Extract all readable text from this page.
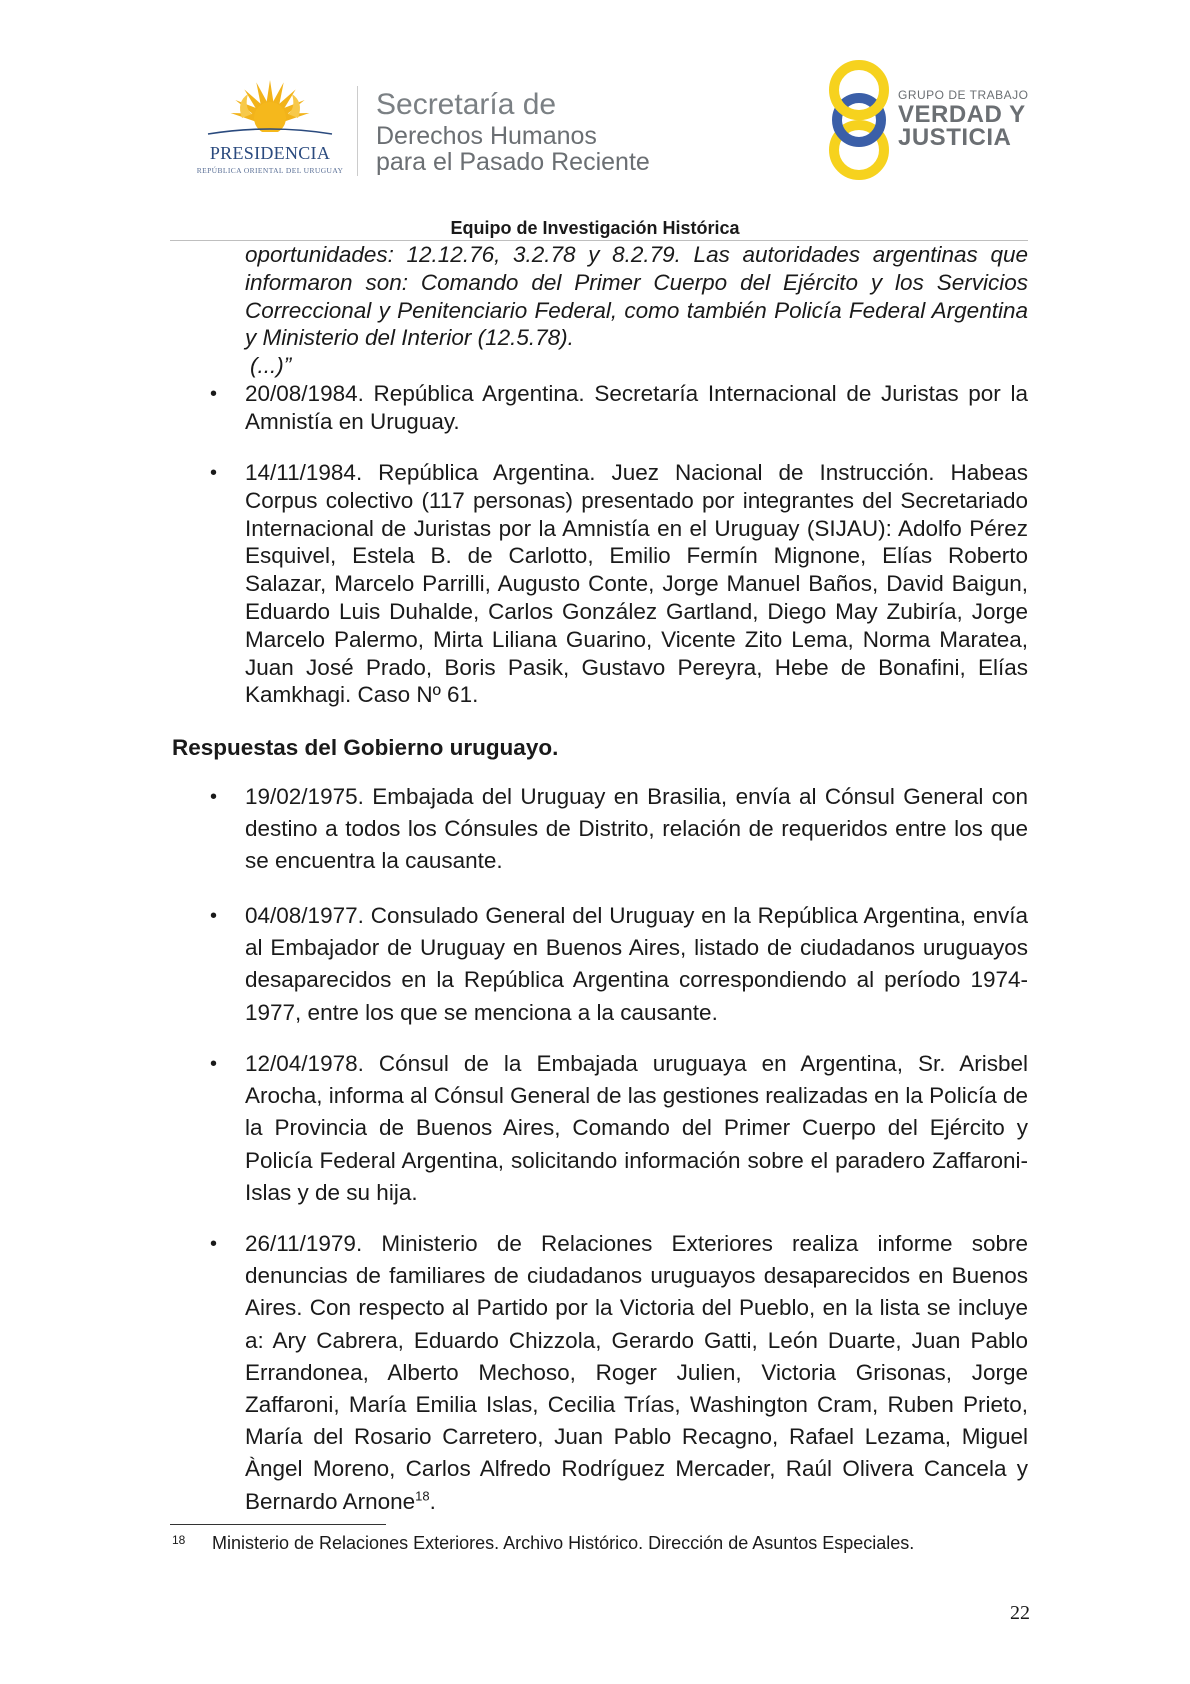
PRESIDENCIA
REPÚBLICA ORIENTAL DEL URUGUAY
Secretaría de
Derechos Humanos
para el Pasado Reciente
GRUPO DE TRABAJO
VERDAD Y
JUSTICIA
Equipo de Investigación Histórica
oportunidades: 12.12.76, 3.2.78 y 8.2.79. Las autoridades argentinas que informaron son: Comando del Primer Cuerpo del Ejército y los Servicios Correccional y Penitenciario Federal, como también Policía Federal Argentina y Ministerio del Interior (12.5.78).
(...)”
• 20/08/1984. República Argentina. Secretaría Internacional de Juristas por la Amnistía en Uruguay.
• 14/11/1984. República Argentina. Juez Nacional de Instrucción. Habeas Corpus colectivo (117 personas) presentado por integrantes del Secretariado Internacional de Juristas por la Amnistía en el Uruguay (SIJAU): Adolfo Pérez Esquivel, Estela B. de Carlotto, Emilio Fermín Mignone, Elías Roberto Salazar, Marcelo Parrilli, Augusto Conte, Jorge Manuel Baños, David Baigun, Eduardo Luis Duhalde, Carlos González Gartland, Diego May Zubiría, Jorge Marcelo Palermo, Mirta Liliana Guarino, Vicente Zito Lema, Norma Maratea, Juan José Prado, Boris Pasik, Gustavo Pereyra, Hebe de Bonafini, Elías Kamkhagi. Caso Nº 61.
Respuestas del Gobierno uruguayo.
• 19/02/1975. Embajada del Uruguay en Brasilia, envía al Cónsul General con destino a todos los Cónsules de Distrito, relación de requeridos entre los que se encuentra la causante.
• 04/08/1977. Consulado General del Uruguay en la República Argentina, envía al Embajador de Uruguay en Buenos Aires, listado de ciudadanos uruguayos desaparecidos en la República Argentina correspondiendo al período 1974-1977, entre los que se menciona a la causante.
• 12/04/1978. Cónsul de la Embajada uruguaya en Argentina, Sr. Arisbel Arocha, informa al Cónsul General de las gestiones realizadas en la Policía de la Provincia de Buenos Aires, Comando del Primer Cuerpo del Ejército y Policía Federal Argentina, solicitando información sobre el paradero Zaffaroni-Islas y de su hija.
• 26/11/1979. Ministerio de Relaciones Exteriores realiza informe sobre denuncias de familiares de ciudadanos uruguayos desaparecidos en Buenos Aires. Con respecto al Partido por la Victoria del Pueblo, en la lista se incluye a: Ary Cabrera, Eduardo Chizzola, Gerardo Gatti, León Duarte, Juan Pablo Errandonea, Alberto Mechoso, Roger Julien, Victoria Grisonas, Jorge Zaffaroni, María Emilia Islas, Cecilia Trías, Washington Cram, Ruben Prieto, María del Rosario Carretero, Juan Pablo Recagno, Rafael Lezama, Miguel Àngel Moreno, Carlos Alfredo Rodríguez Mercader, Raúl Olivera Cancela y Bernardo Arnone$^{18}$.
18 Ministerio de Relaciones Exteriores. Archivo Histórico. Dirección de Asuntos Especiales.
22
